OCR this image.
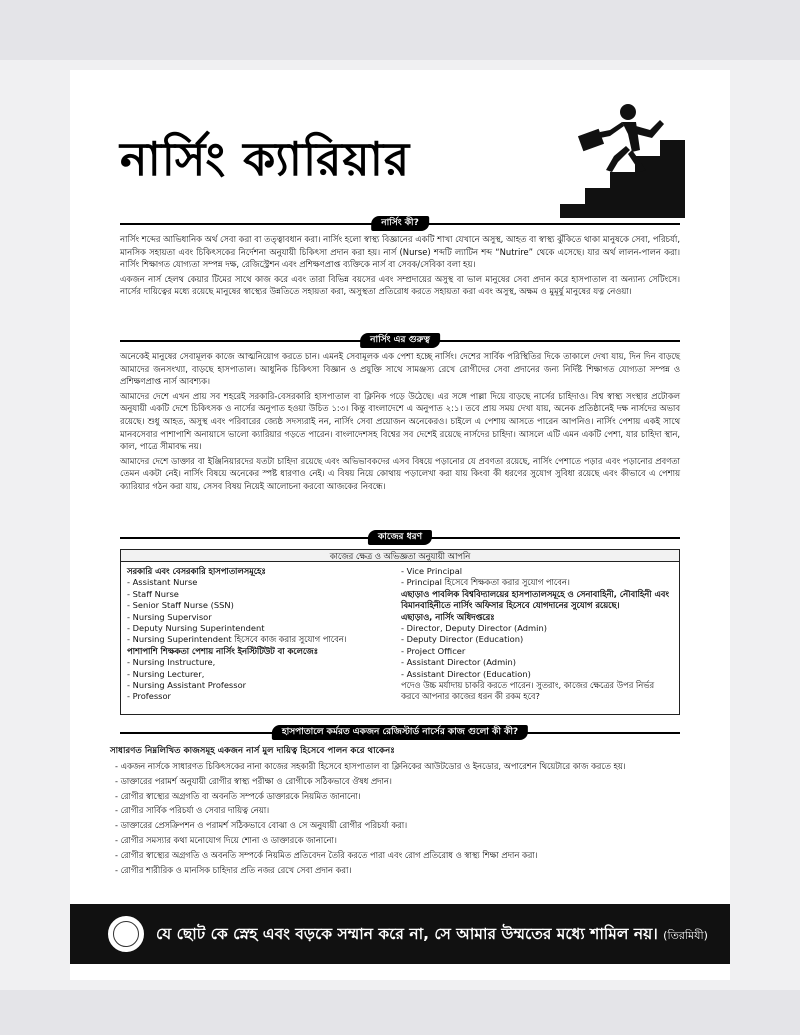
নার্সিং ক্যারিয়ার
নার্সিং কী?

নার্সিং শব্দের আভিধানিক অর্থ সেবা করা বা তত্ত্বাবধান করা। নার্সিং হলো স্বাস্থ্য বিজ্ঞানের একটি শাখা যেখানে অসুস্থ, আহত বা স্বাস্থ্য ঝুঁকিতে থাকা মানুষকে সেবা, পরিচর্যা, মানসিক সহায়তা এবং চিকিৎসকের নির্দেশনা অনুযায়ী চিকিৎসা প্রদান করা হয়। নার্স (Nurse) শব্দটি ল্যাটিন শব্দ “Nutrire” থেকে এসেছে। যার অর্থ লালন-পালন করা। নার্সিং শিক্ষাগত যোগ্যতা সম্পন্ন দক্ষ, রেজিস্ট্রেশন এবং প্রশিক্ষণপ্রাপ্ত ব্যক্তিকে নার্স বা সেবক/সেবিকা বলা হয়।

একজন নার্স হেলথ কেয়ার টিমের সাথে কাজ করে এবং তারা বিভিন্ন বয়সের এবং সম্প্রদায়ের অসুস্থ বা ভাল মানুষের সেবা প্রদান করে হাসপাতাল বা অন্যান্য সেটিংসে। নার্সের দায়িত্বের মধ্যে রয়েছে মানুষের স্বাস্থ্যের উন্নতিতে সহায়তা করা, অসুস্থতা প্রতিরোধ করতে সহায়তা করা এবং অসুস্থ, অক্ষম ও মুমূর্ষু মানুষের যত্ন নেওয়া।

নার্সিং এর গুরুত্ব

অনেকেই মানুষের সেবামূলক কাজে আত্মনিয়োগ করতে চান। এমনই সেবামূলক এক পেশা হচ্ছে নার্সিং। দেশের সার্বিক পরিস্থিতির দিকে তাকালে দেখা যায়, দিন দিন বাড়ছে আমাদের জনসংখ্যা, বাড়ছে হাসপাতাল। আধুনিক চিকিৎসা বিজ্ঞান ও প্রযুক্তি সাথে সামঞ্জস্য রেখে রোগীদের সেবা প্রদানের জন্য নির্দিষ্ট শিক্ষাগত যোগ্যতা সম্পন্ন ও প্রশিক্ষণপ্রাপ্ত নার্স আবশ্যক।

আমাদের দেশে এখন প্রায় সব শহরেই সরকারি-বেসরকারি হাসপাতাল বা ক্লিনিক গড়ে উঠেছে। এর সঙ্গে পাল্লা দিয়ে বাড়ছে নার্সের চাহিদাও। বিশ্ব স্বাস্থ্য সংস্থার প্রটোকল অনুযায়ী একটি দেশে চিকিৎসক ও নার্সের অনুপাত হওয়া উচিত ১:৩। কিন্তু বাংলাদেশে এ অনুপাত ২:১। তবে প্রায় সময় দেখা যায়, অনেক প্রতিষ্ঠানেই দক্ষ নার্সদের অভাব রয়েছে। শুধু আহত, অসুস্থ এবং পরিবারের জ্যেষ্ঠ সদস্যরাই নন, নার্সিং সেবা প্রয়োজন অনেকেরও। চাইলে এ পেশায় আসতে পারেন আপনিও। নার্সিং পেশায় একই সাথে মানবসেবার পাশাপাশি অনায়াসে ভালো ক্যারিয়ার গড়তে পারেন। বাংলাদেশসহ বিশ্বের সব দেশেই রয়েছে নার্সদের চাহিদা। আসলে এটি এমন একটি পেশা, যার চাহিদা স্থান, কাল, পাত্রে সীমাবদ্ধ নয়।

আমাদের দেশে ডাক্তার বা ইঞ্জিনিয়ারদের যতটা চাহিদা রয়েছে এবং অভিভাবকদের এসব বিষয়ে পড়ানোর যে প্রবণতা রয়েছে, নার্সিং পেশাতে পড়ার এবং পড়ানোর প্রবণতা তেমন একটা নেই। নার্সিং বিষয়ে অনেকের স্পষ্ট ধারণাও নেই। এ বিষয় নিয়ে কোথায় পড়ালেখা করা যায় কিংবা কী ধরণের সুযোগ সুবিধা রয়েছে এবং কীভাবে এ পেশায় ক্যারিয়ার গঠন করা যায়, সেসব বিষয় নিয়েই আলোচনা করবো আজকের নিবন্ধে।

কাজের ধরণ
কাজের ক্ষেত্র ও অভিজ্ঞতা অনুযায়ী আপনি
সরকারি এবং বেসরকারি হাসপাতালসমূহেঃ
- Assistant Nurse
- Staff Nurse
- Senior Staff Nurse (SSN)
- Nursing Supervisor
- Deputy Nursing Superintendent
- Nursing Superintendent হিসেবে কাজ করার সুযোগ পাবেন।
পাশাপাশি শিক্ষকতা পেশায় নার্সিং ইনস্টিটিউট বা কলেজেঃ
- Nursing Instructure,
- Nursing Lecturer,
- Nursing Assistant Professor
- Professor
- Vice Principal
- Principal হিসেবে শিক্ষকতা করার সুযোগ পাবেন।
এছাড়াও পাবলিক বিশ্ববিদ্যালয়ের হাসপাতালসমূহে ও সেনাবাহিনী, নৌবাহিনী এবং বিমানবাহিনীতে নার্সিং অফিসার হিসেবে যোগদানের সুযোগ রয়েছে।
এছাড়াও, নার্সিং অধিদপ্তরেঃ
- Director, Deputy Director (Admin)
- Deputy Director (Education)
- Project Officer
- Assistant Director (Admin)
- Assistant Director (Education)
পদেও উচ্চ মর্যাদায় চাকরি করতে পারেন। সুতরাং, কাজের ক্ষেত্রের উপর নির্ভর করবে আপনার কাজের ধরন কী রকম হবে?
হাসপাতালে কর্মরত একজন রেজিস্টার্ড নার্সের কাজ গুলো কী কী?
সাধারণত নিম্নলিখিত কাজসমূহ একজন নার্স মুল দায়িত্ব হিসেবে পালন করে থাকেনঃ
- একজন নার্সকে সাধারণত চিকিৎসকের নানা কাজের সহকারী হিসেবে হাসপাতাল বা ক্লিনিকের আউটডোর ও ইনডোর, অপারেশন থিয়েটারে কাজ করতে হয়।
- ডাক্তারের পরামর্শ অনুযায়ী রোগীর স্বাস্থ্য পরীক্ষা ও রোগীকে সঠিকভাবে ঔষধ প্রদান।
- রোগীর স্বাস্থ্যের অগ্রগতি বা অবনতি সম্পর্কে ডাক্তারকে নিয়মিত জানানো।
- রোগীর সার্বিক পরিচর্যা ও সেবার দায়িত্ব নেয়া।
- ডাক্তারের প্রেসক্রিপশন ও পরামর্শ সঠিকভাবে বোঝা ও সে অনুযায়ী রোগীর পরিচর্যা করা।
- রোগীর সমস্যার কথা মনোযোগ দিয়ে শোনা ও ডাক্তারকে জানানো।
- রোগীর স্বাস্থ্যের অগ্রগতি ও অবনতি সম্পর্কে নিয়মিত প্রতিবেদন তৈরি করতে পারা এবং রোগ প্রতিরোধ ও স্বাস্থ্য শিক্ষা প্রদান করা।
- রোগীর শারীরিক ও মানসিক চাহিদার প্রতি নজর রেখে সেবা প্রদান করা।
যে ছোট কে স্নেহ এবং বড়কে সম্মান করে না, সে আমার উম্মতের মধ্যে শামিল নয়। (তিরমিযী)
